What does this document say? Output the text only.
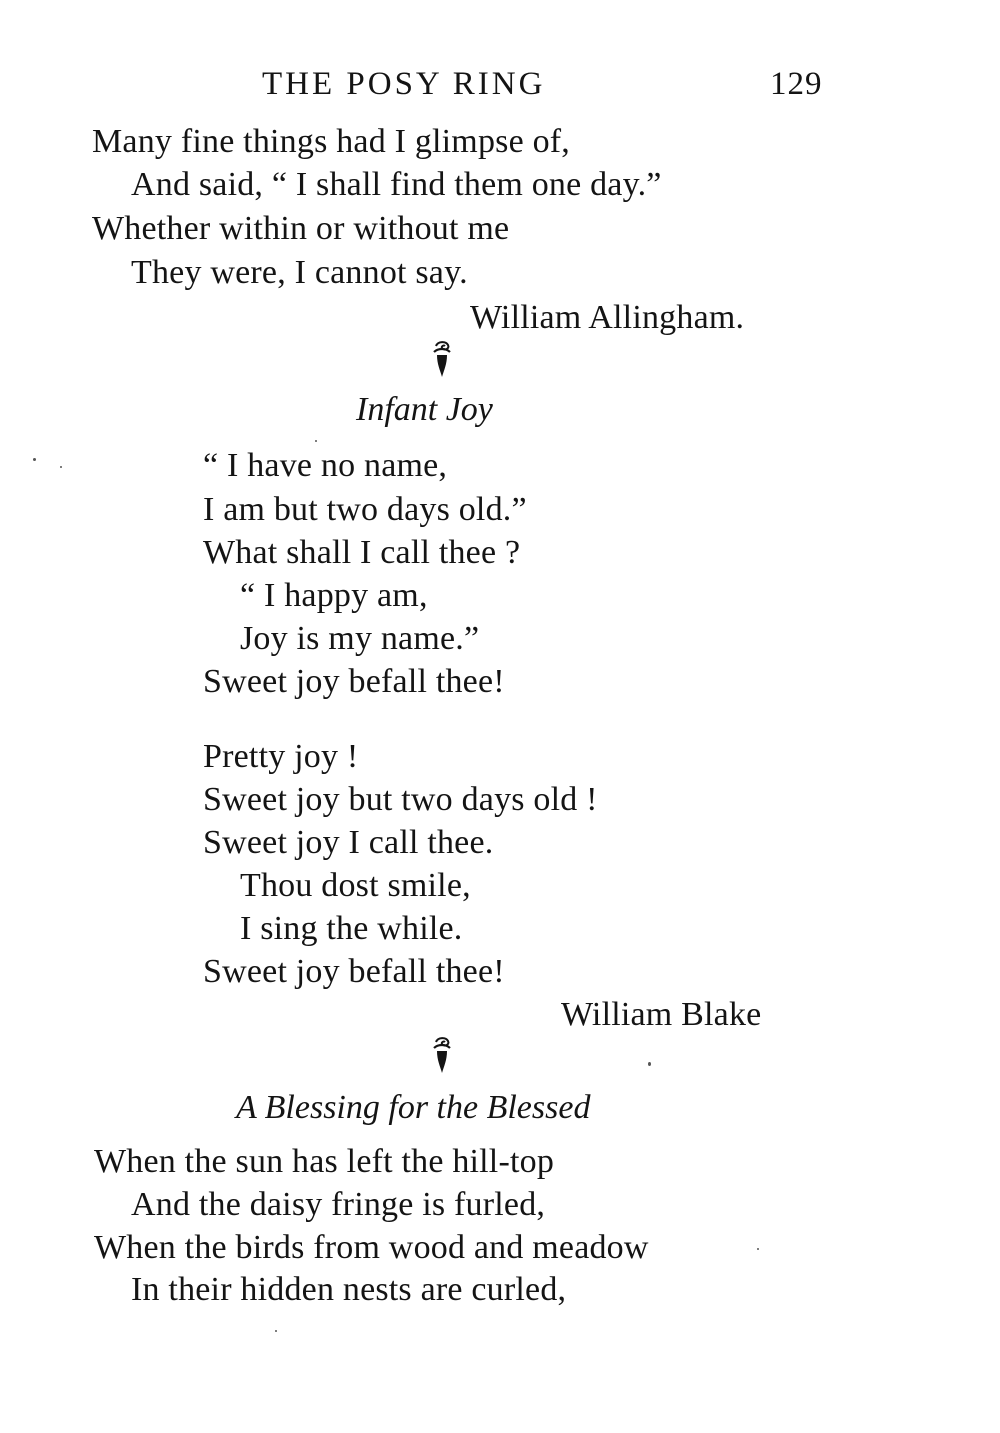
THE POSY RING	129
Many fine things had I glimpse of,
And said, “ I shall find them one day.”
Whether within or without me
They were, I cannot say.
William Allingham.
Infant Joy
“ I have no name,
I am but two days old.”
What shall I call thee ?
“ I happy am,
Joy is my name.”
Sweet joy befall thee!
Pretty joy !
Sweet joy but two days old !
Sweet joy I call thee.
Thou dost smile,
I sing the while.
Sweet joy befall thee!
William Blake
A Blessing for the Blessed
When the sun has left the hill-top
And the daisy fringe is furled,
When the birds from wood and meadow
In their hidden nests are curled,
